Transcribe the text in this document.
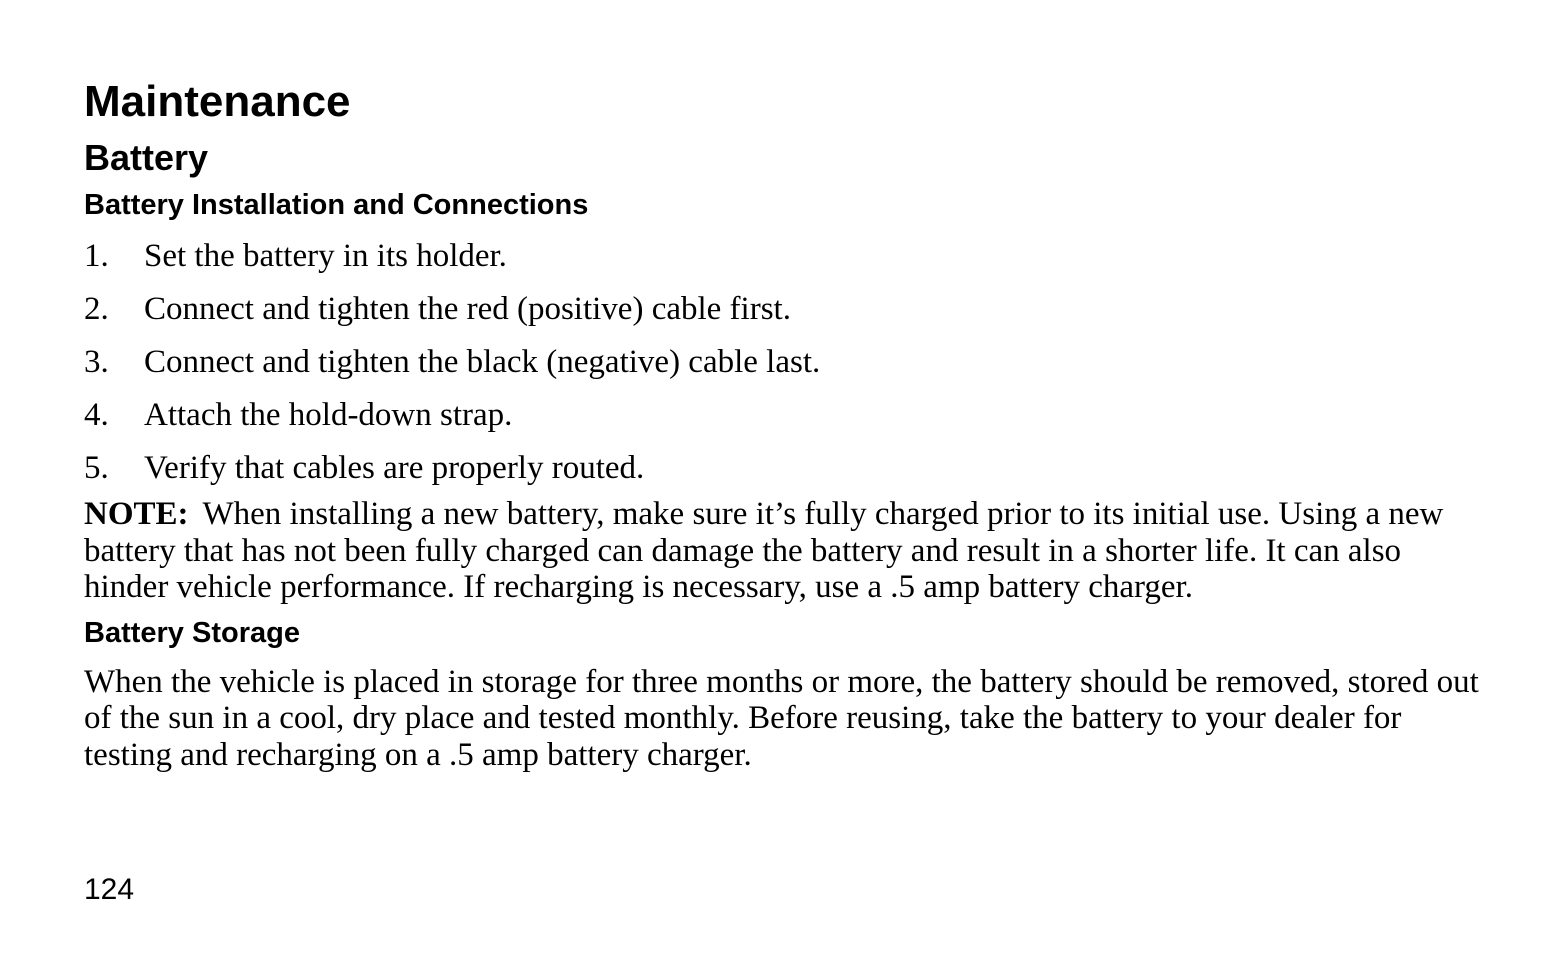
Maintenance
Battery
Battery Installation and Connections
1.	Set the battery in its holder.
2.	Connect and tighten the red (positive) cable first.
3.	Connect and tighten the black (negative) cable last.
4.	Attach the hold-down strap.
5.	Verify that cables are properly routed.

NOTE: When installing a new battery, make sure it’s fully charged prior to its initial use. Using a new battery that has not been fully charged can damage the battery and result in a shorter life. It can also hinder vehicle performance. If recharging is necessary, use a .5 amp battery charger.

Battery Storage

When the vehicle is placed in storage for three months or more, the battery should be removed, stored out of the sun in a cool, dry place and tested monthly. Before reusing, take the battery to your dealer for testing and recharging on a .5 amp battery charger.

124
